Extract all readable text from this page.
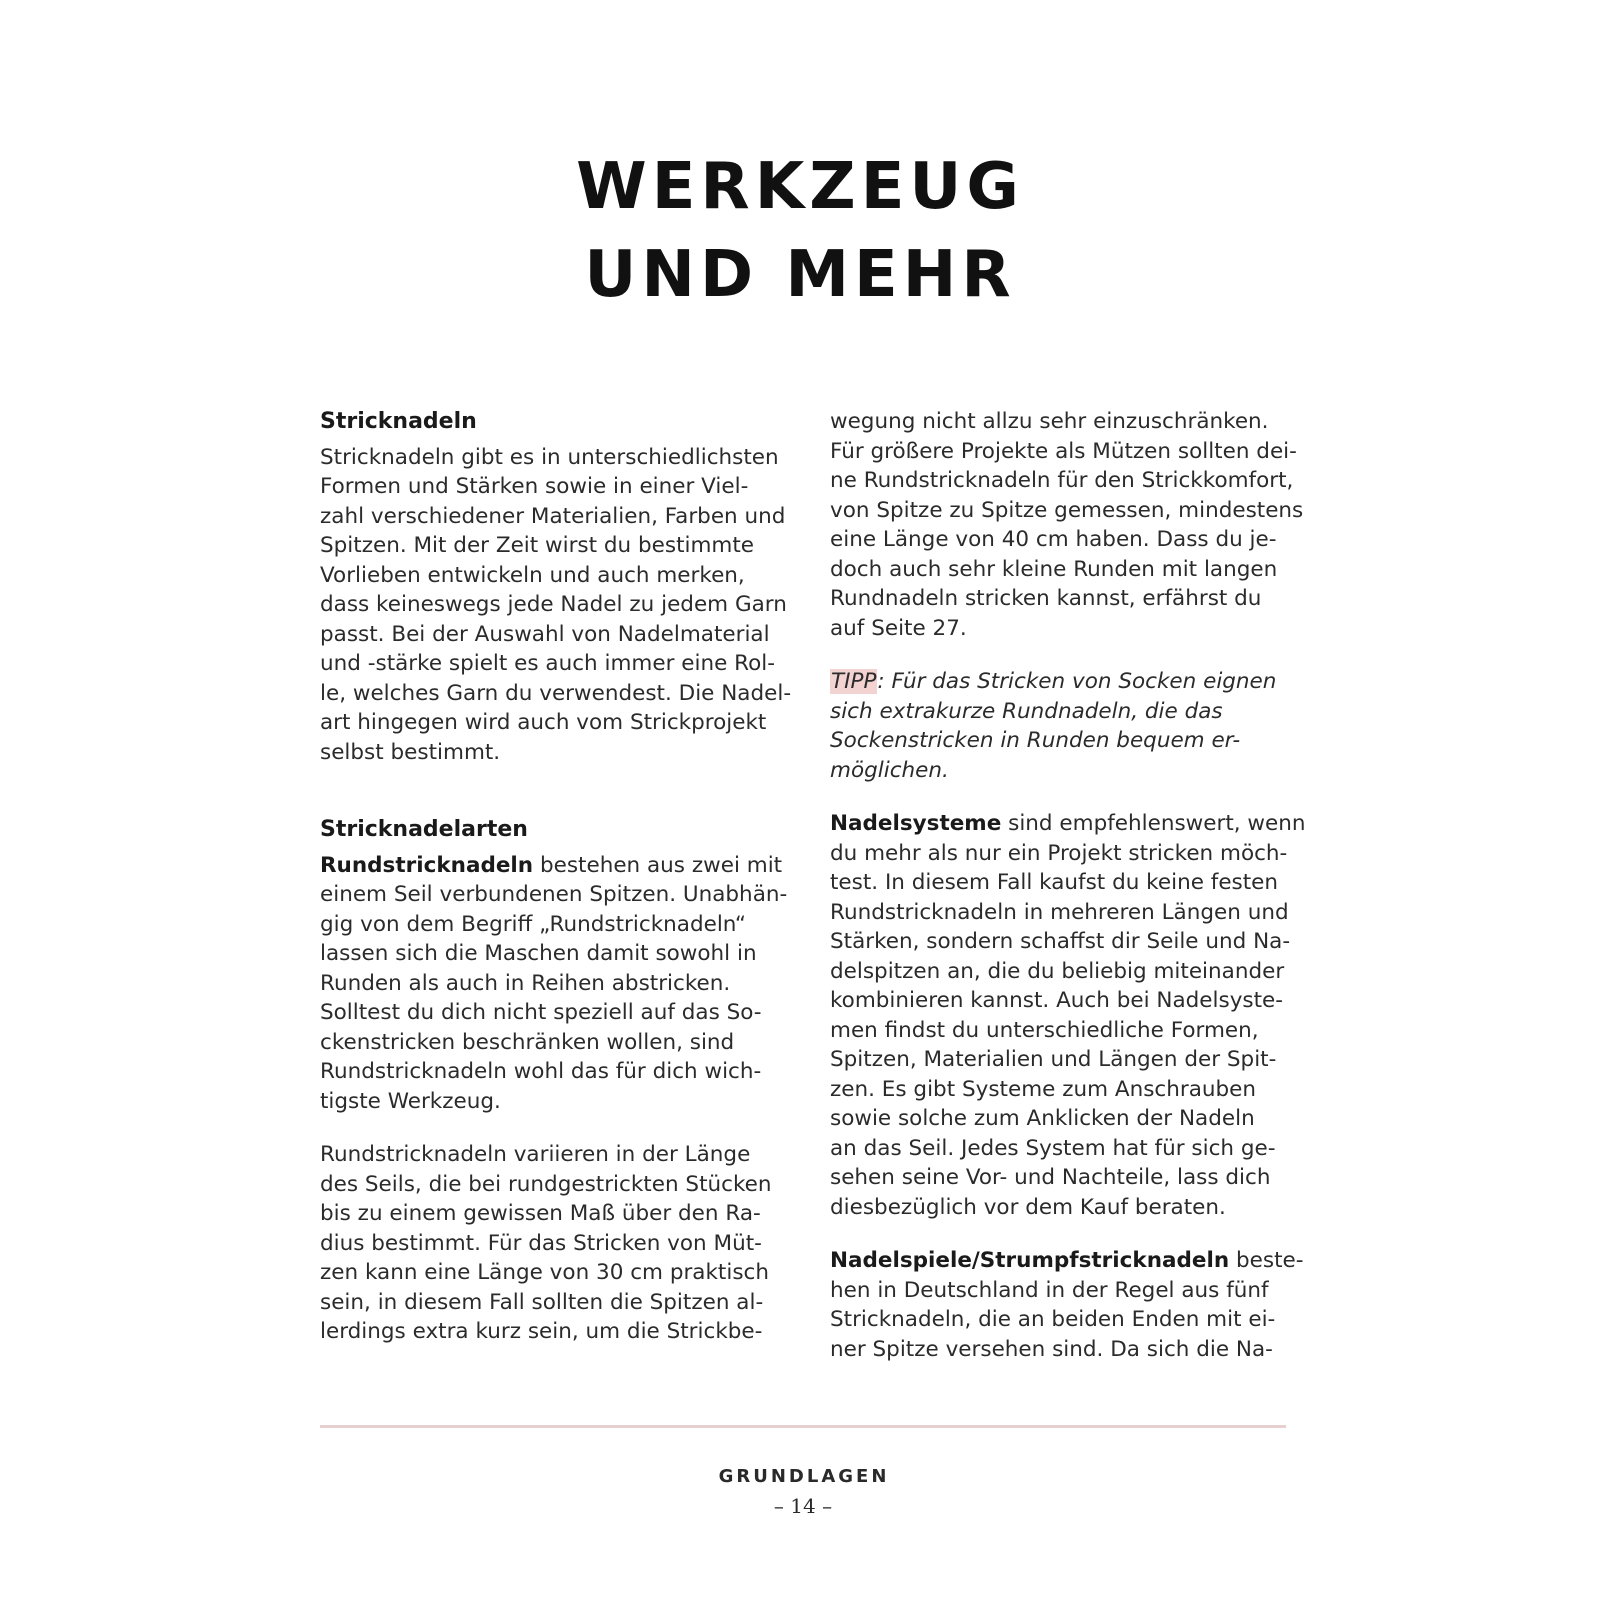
WERKZEUG
UND MEHR
Stricknadeln
Stricknadeln gibt es in unterschiedlichsten
Formen und Stärken sowie in einer Viel-
zahl verschiedener Materialien, Farben und
Spitzen. Mit der Zeit wirst du bestimmte
Vorlieben entwickeln und auch merken,
dass keineswegs jede Nadel zu jedem Garn
passt. Bei der Auswahl von Nadelmaterial
und -stärke spielt es auch immer eine Rol-
le, welches Garn du verwendest. Die Nadel-
art hingegen wird auch vom Strickprojekt
selbst bestimmt.
Stricknadelarten
Rundstricknadeln bestehen aus zwei mit
einem Seil verbundenen Spitzen. Unabhän-
gig von dem Begriff „Rundstricknadeln“
lassen sich die Maschen damit sowohl in
Runden als auch in Reihen abstricken.
Solltest du dich nicht speziell auf das So-
ckenstricken beschränken wollen, sind
Rundstricknadeln wohl das für dich wich-
tigste Werkzeug.
Rundstricknadeln variieren in der Länge
des Seils, die bei rundgestrickten Stücken
bis zu einem gewissen Maß über den Ra-
dius bestimmt. Für das Stricken von Müt-
zen kann eine Länge von 30 cm praktisch
sein, in diesem Fall sollten die Spitzen al-
lerdings extra kurz sein, um die Strickbe-
wegung nicht allzu sehr einzuschränken.
Für größere Projekte als Mützen sollten dei-
ne Rundstricknadeln für den Strickkomfort,
von Spitze zu Spitze gemessen, mindestens
eine Länge von 40 cm haben. Dass du je-
doch auch sehr kleine Runden mit langen
Rundnadeln stricken kannst, erfährst du
auf Seite 27.
TIPP: Für das Stricken von Socken eignen
sich extrakurze Rundnadeln, die das
Sockenstricken in Runden bequem er-
möglichen.
Nadelsysteme sind empfehlenswert, wenn
du mehr als nur ein Projekt stricken möch-
test. In diesem Fall kaufst du keine festen
Rundstricknadeln in mehreren Längen und
Stärken, sondern schaffst dir Seile und Na-
delspitzen an, die du beliebig miteinander
kombinieren kannst. Auch bei Nadelsyste-
men findst du unterschiedliche Formen,
Spitzen, Materialien und Längen der Spit-
zen. Es gibt Systeme zum Anschrauben
sowie solche zum Anklicken der Nadeln
an das Seil. Jedes System hat für sich ge-
sehen seine Vor- und Nachteile, lass dich
diesbezüglich vor dem Kauf beraten.
Nadelspiele/Strumpfstricknadeln beste-
hen in Deutschland in der Regel aus fünf
Stricknadeln, die an beiden Enden mit ei-
ner Spitze versehen sind. Da sich die Na-
GRUNDLAGEN
– 14 –
